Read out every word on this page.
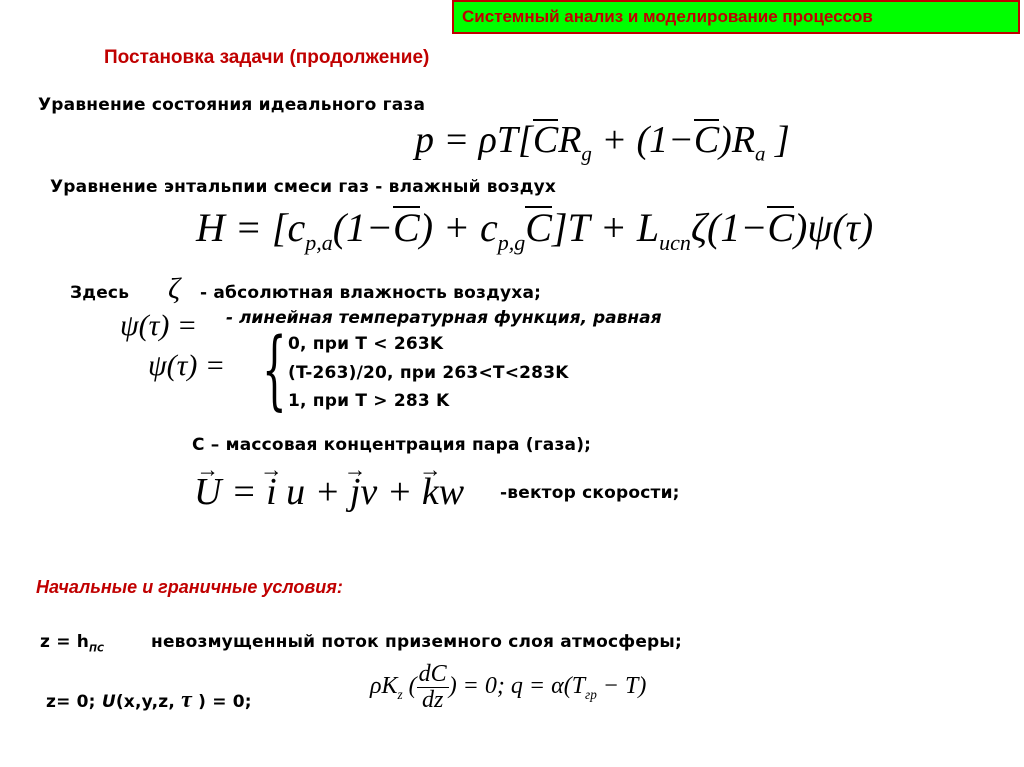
Системный анализ и моделирование процессов
Постановка задачи (продолжение)
Уравнение состояния идеального газа
$p = \rho T[CR_g + (1-C)R_a$ ]
Уравнение энтальпии смеси газ - влажный воздух
$H = [c_{p,a}(1-C) + c_{p,g}C]T + L_{исп}\zeta(1-C)\psi(\tau)$
Здесь ζ - абсолютная влажность воздуха;
ψ(τ) = - линейная температурная функция, равная
ψ(τ) = { 0, при T < 263K
(T-263)/20, при 263<T<283K
1, при T > 283 K
C – массовая концентрация пара (газа);
→ U = → i u + → jv + → kw -вектор скорости;
Начальные и граничные условия:
$z = h_{ПС}$	невозмущенный поток приземного слоя атмосферы;
z= 0; U(x,y,z, τ ) = 0;
$\rho K_z$ ( $\frac{dC}{dz}$ ) = 0; $q = \alpha(T_{гр} - T)$
